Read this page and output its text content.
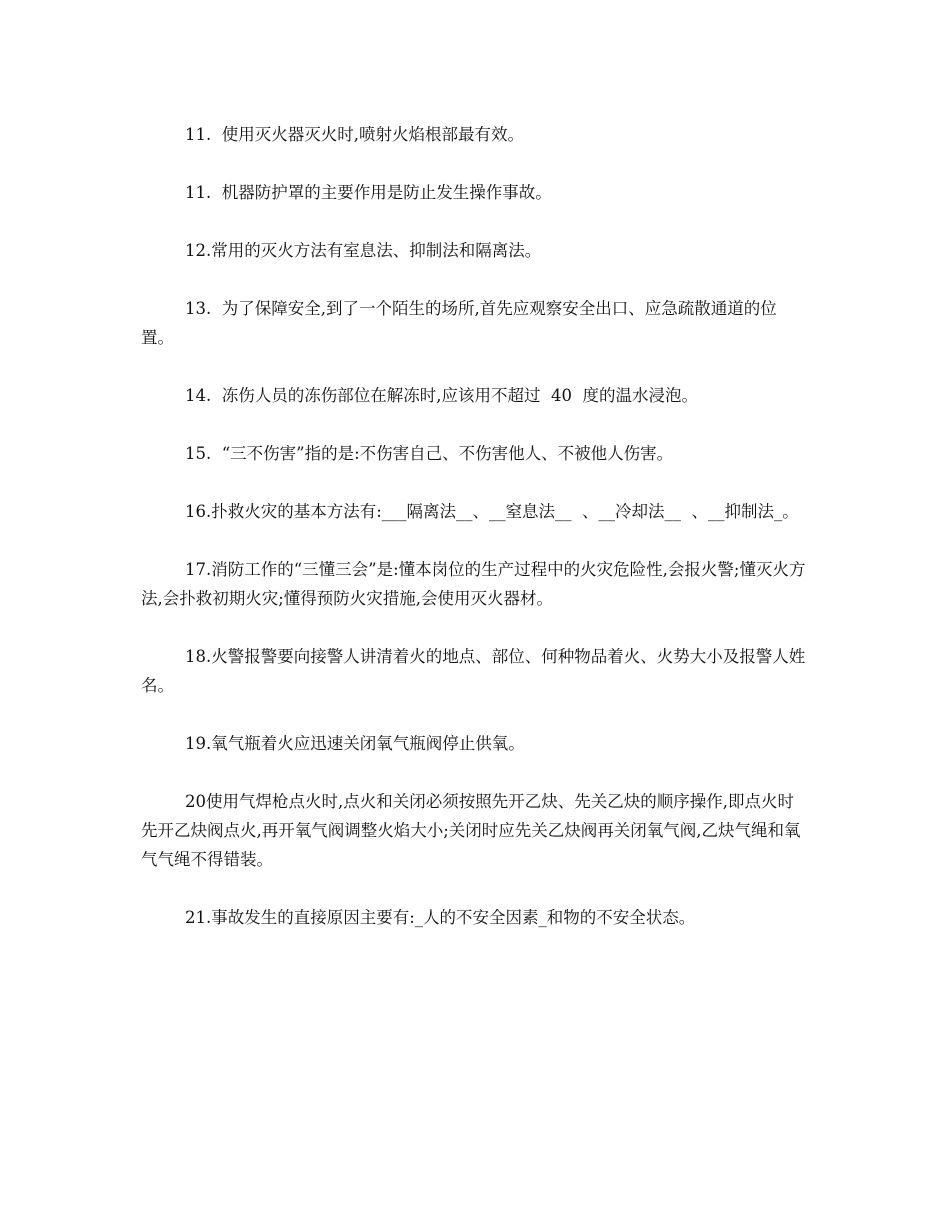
11.  使用灭火器灭火时,喷射火焰根部最有效。

11.  机器防护罩的主要作用是防止发生操作事故。

12.常用的灭火方法有室息法、抑制法和隔离法。

13.  为了保障安全,到了一个陌生的场所,首先应观察安全出口、应急疏散通道的位置。

14.  冻伤人员的冻伤部位在解冻时,应该用不超过  40  度的温水浸泡。

15.  “三不伤害”指的是:不伤害自己、不伤害他人、不被他人伤害。

16.扑救火灾的基本方法有:___隔离法__、__窒息法__  、__冷却法__  、__抑制法_。

17.消防工作的“三懂三会”是:懂本岗位的生产过程中的火灾危险性,会报火警;懂灭火方法,会扑救初期火灾;懂得预防火灾措施,会使用灭火器材。

18.火警报警要向接警人讲清着火的地点、部位、何种物品着火、火势大小及报警人姓名。

19.氧气瓶着火应迅速关闭氧气瓶阀停止供氧。

20使用气焊枪点火时,点火和关闭必须按照先开乙炔、先关乙炔的顺序操作,即点火时先开乙炔阀点火,再开氧气阀调整火焰大小;关闭时应先关乙炔阀再关闭氧气阀,乙炔气绳和氧气气绳不得错装。

21.事故发生的直接原因主要有:_人的不安全因素_和物的不安全状态。
